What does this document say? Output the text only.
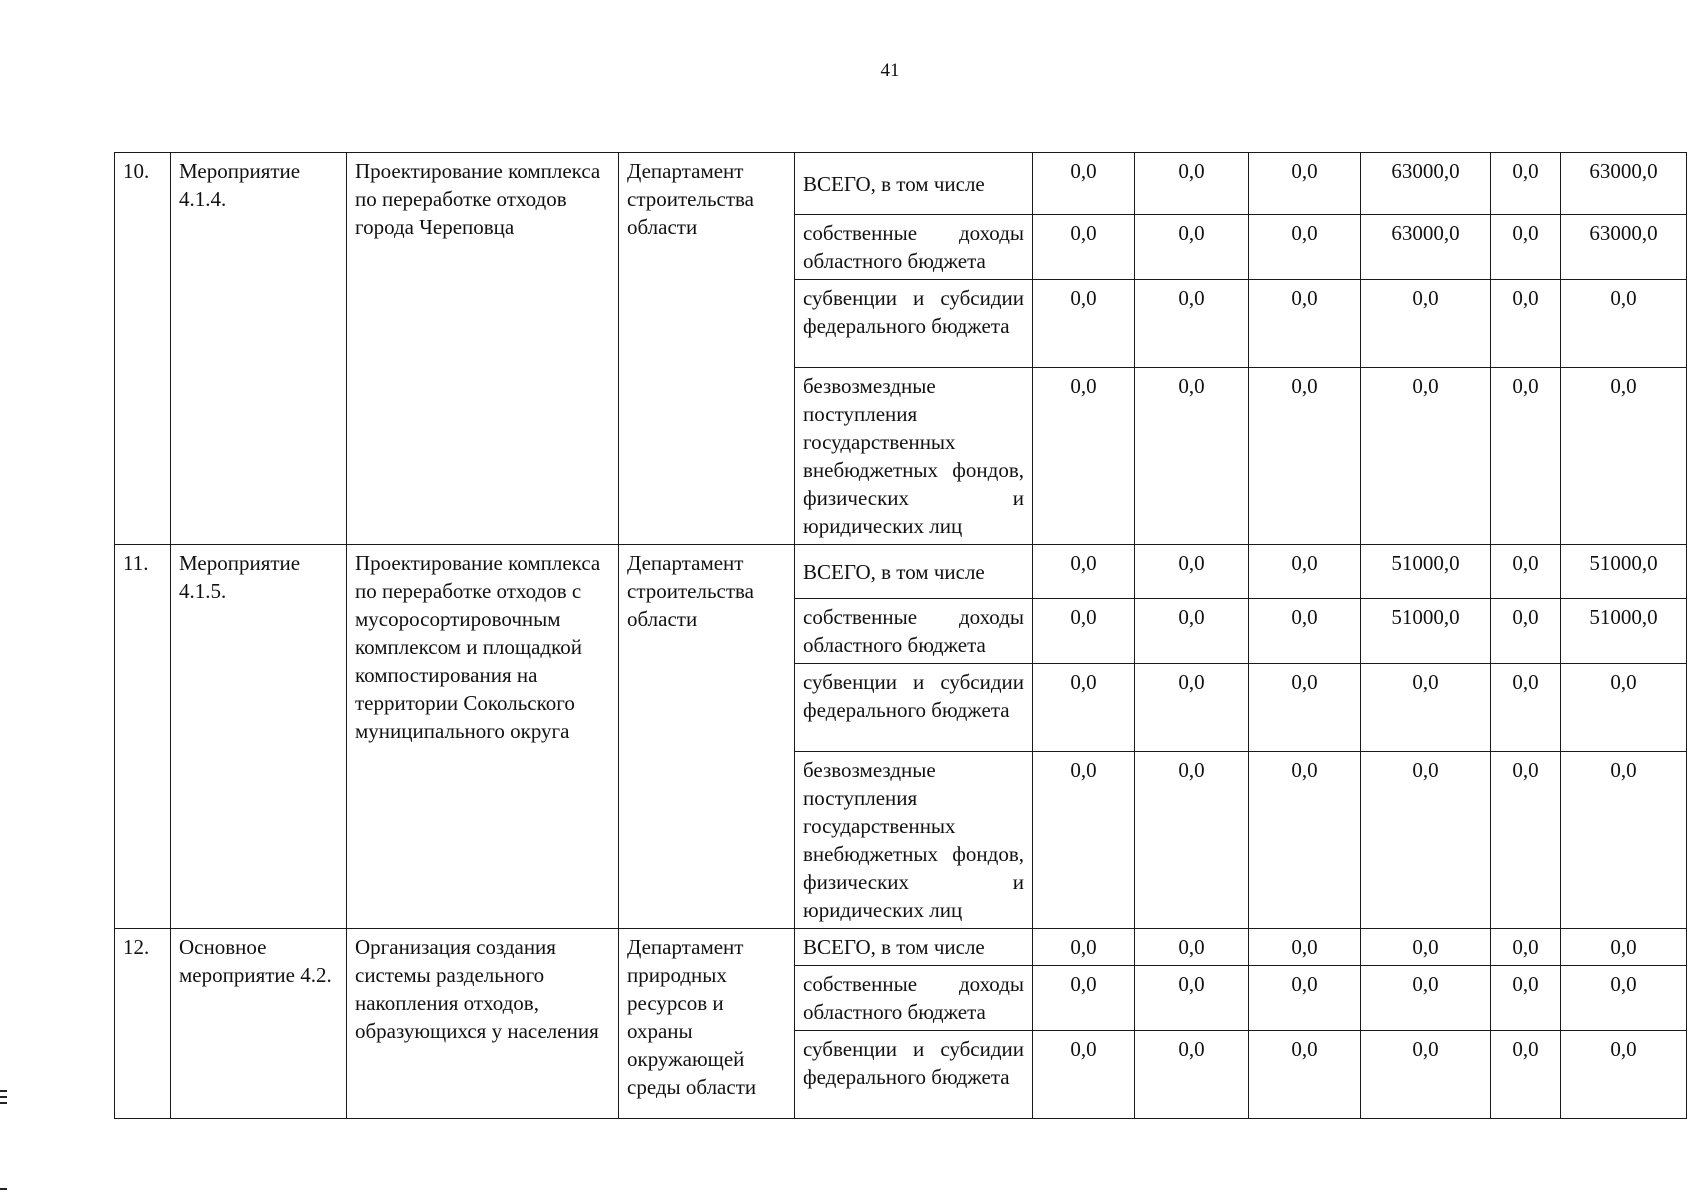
41
10.	Мероприятие 4.1.4.	Проектирование комплекса по переработке отходов города Череповца	Департамент строительства области	ВСЕГО, в том числе	0,0	0,0	0,0	63000,0	0,0	63000,0
				собственные доходы областного бюджета	0,0	0,0	0,0	63000,0	0,0	63000,0
				субвенции и субсидии федерального бюджета	0,0	0,0	0,0	0,0	0,0	0,0
				безвозмездные поступления государственных внебюджетных фондов, физических и юридических лиц	0,0	0,0	0,0	0,0	0,0	0,0
11.	Мероприятие 4.1.5.	Проектирование комплекса по переработке отходов с мусоросортировочным комплексом и площадкой компостирования на территории Сокольского муниципального округа	Департамент строительства области	ВСЕГО, в том числе	0,0	0,0	0,0	51000,0	0,0	51000,0
				собственные доходы областного бюджета	0,0	0,0	0,0	51000,0	0,0	51000,0
				субвенции и субсидии федерального бюджета	0,0	0,0	0,0	0,0	0,0	0,0
				безвозмездные поступления государственных внебюджетных фондов, физических и юридических лиц	0,0	0,0	0,0	0,0	0,0	0,0
12.	Основное мероприятие 4.2.	Организация создания системы раздельного накопления отходов, образующихся у населения	Департамент природных ресурсов и охраны окружающей среды области	ВСЕГО, в том числе	0,0	0,0	0,0	0,0	0,0	0,0
				собственные доходы областного бюджета	0,0	0,0	0,0	0,0	0,0	0,0
				субвенции и субсидии федерального бюджета	0,0	0,0	0,0	0,0	0,0	0,0
